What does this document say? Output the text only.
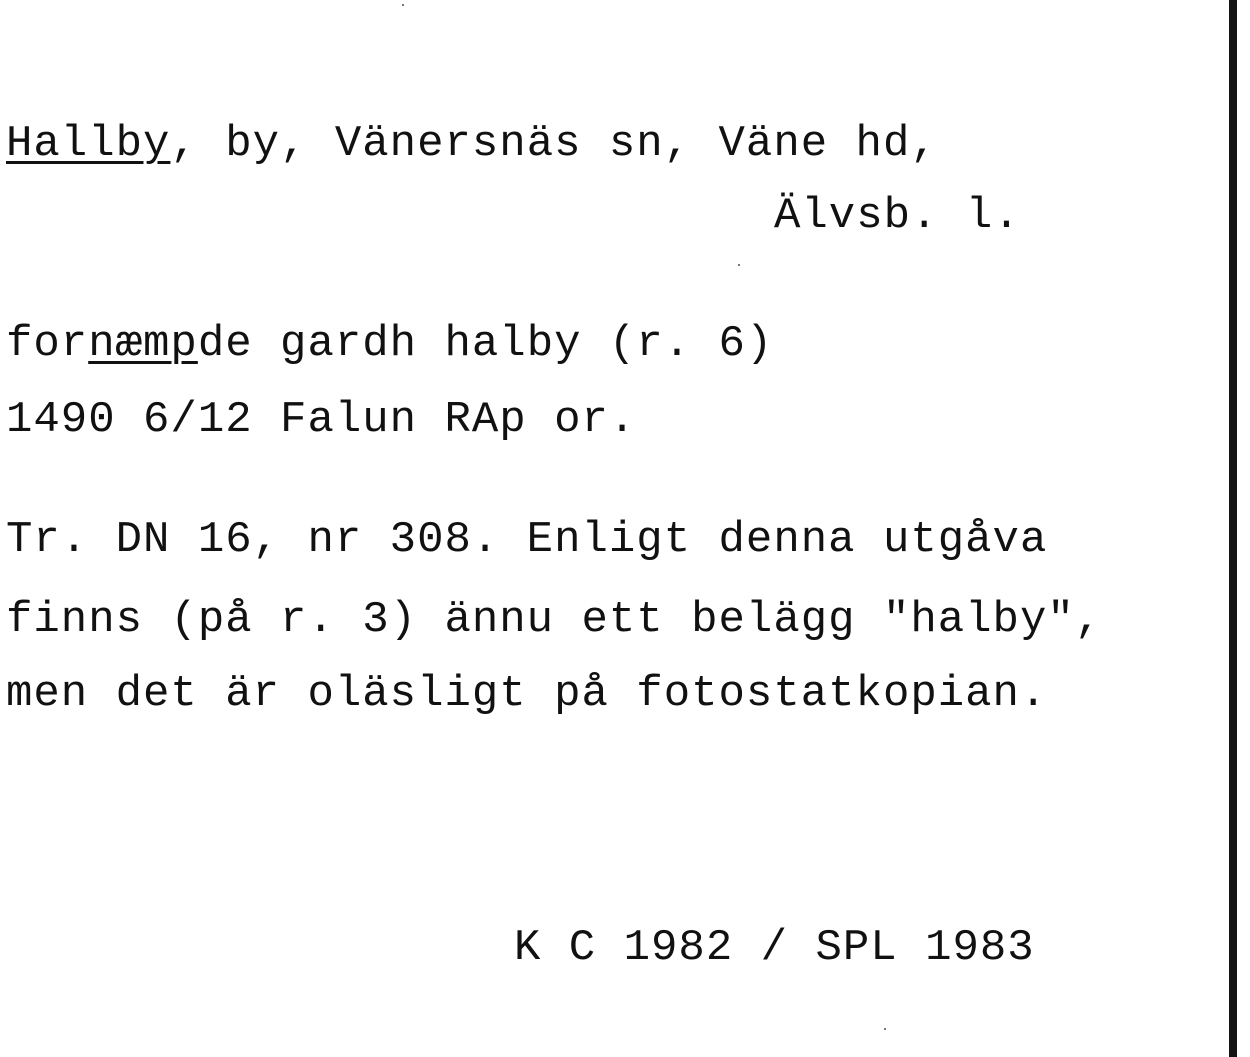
Hallby, by, Vänersnäs sn, Väne hd,

Älvsb. l.

fornæmpde gardh halby (r. 6)

1490 6/12 Falun RAp or.

Tr. DN 16, nr 308. Enligt denna utgåva

finns (på r. 3) ännu ett belägg "halby",

men det är oläsligt på fotostatkopian.

K C 1982 / SPL 1983
